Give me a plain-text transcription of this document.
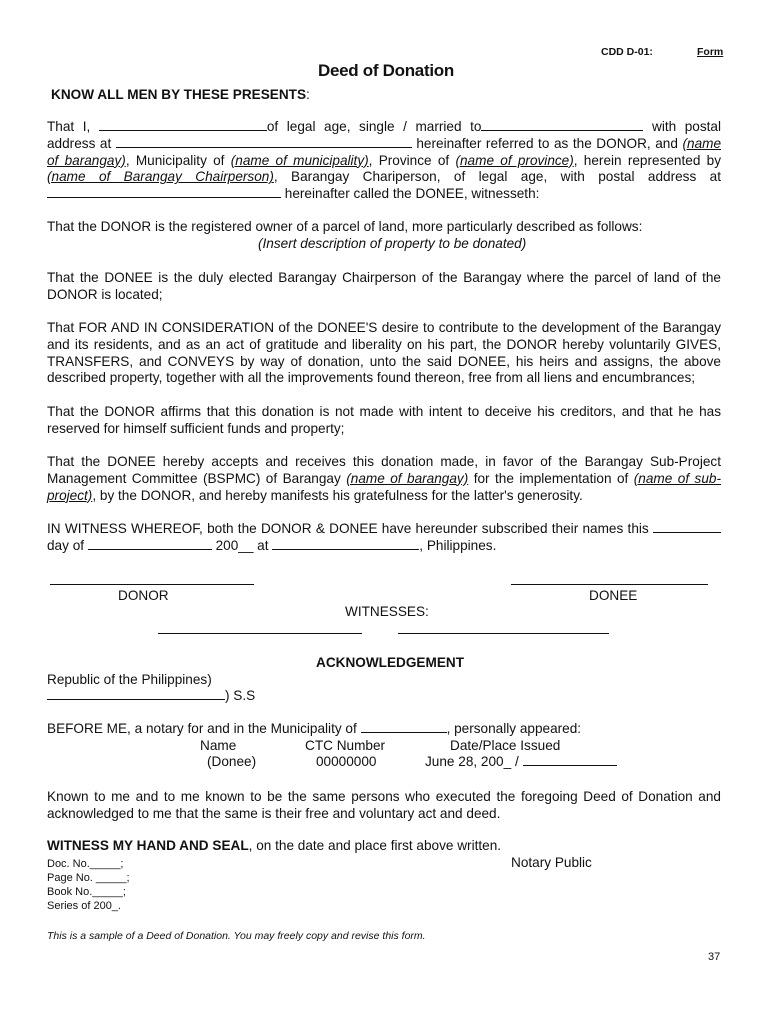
CDD D-01:	Form
Deed of Donation
KNOW ALL MEN BY THESE PRESENTS:
That I,	of legal age, single / married to	with postal address at	hereinafter referred to as the DONOR, and (name of barangay), Municipality of (name of municipality), Province of (name of province), herein represented by (name of Barangay Chairperson), Barangay Chariperson, of legal age, with postal address at  hereinafter called the DONEE, witnesseth:
That the DONOR is the registered owner of a parcel of land, more particularly described as follows:
(Insert description of property to be donated)
That the DONEE is the duly elected Barangay Chairperson of the Barangay where the parcel of land of the DONOR is located;
That FOR AND IN CONSIDERATION of the DONEE'S desire to contribute to the development of the Barangay and its residents, and as an act of gratitude and liberality on his part, the DONOR hereby voluntarily GIVES, TRANSFERS, and CONVEYS by way of donation, unto the said DONEE, his heirs and assigns, the above described property, together with all the improvements found thereon, free from all liens and encumbrances;
That the DONOR affirms that this donation is not made with intent to deceive his creditors, and that he has reserved for himself sufficient funds and property;
That the DONEE hereby accepts and receives this donation made, in favor of the Barangay Sub-Project Management Committee (BSPMC) of Barangay (name of barangay) for the implementation of (name of sub-project), by the DONOR, and hereby manifests his gratefulness for the latter's generosity.
IN WITNESS WHEREOF, both the DONOR & DONEE have hereunder subscribed their names this  day of	200__ at	, Philippines.
DONOR	DONEE
WITNESSES:
ACKNOWLEDGEMENT
Republic of the Philippines)
) S.S
BEFORE ME, a notary for and in the Municipality of	, personally appeared:
Name	CTC Number	Date/Place Issued
(Donee)	00000000	June 28, 200_ /
Known to me and to me known to be the same persons who executed the foregoing Deed of Donation and acknowledged to me that the same is their free and voluntary act and deed.
WITNESS MY HAND AND SEAL, on the date and place first above written.
Notary Public
Doc. No._____;
Page No. _____;
Book No._____;
Series of 200_.
This is a sample of a Deed of Donation. You may freely copy and revise this form.
37
